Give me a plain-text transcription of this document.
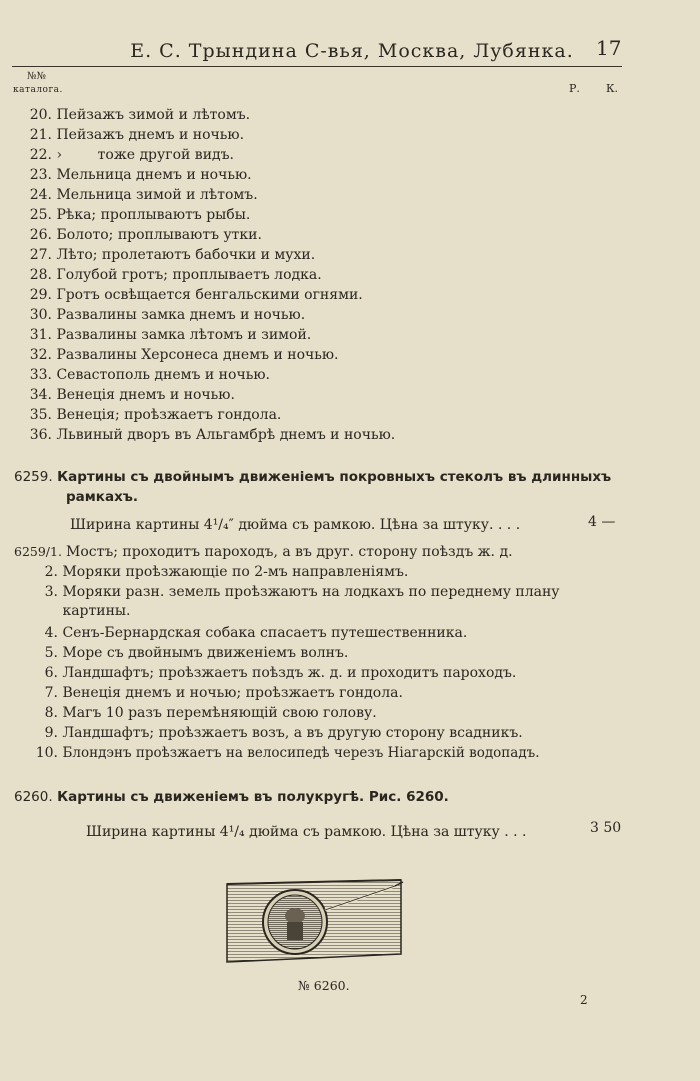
Е. С. Трындина С-вья, Москва, Лубянка.	17
№№
каталога.	Р. К.
20. Пейзажъ зимой и лѣтомъ.
21. Пейзажъ днемъ и ночью.
22. ›        тоже другой видъ.
23. Мельница днемъ и ночью.
24. Мельница зимой и лѣтомъ.
25. Рѣка; проплываютъ рыбы.
26. Болото; проплываютъ утки.
27. Лѣто; пролетаютъ бабочки и мухи.
28. Голубой гротъ; проплываетъ лодка.
29. Гротъ освѣщается бенгальскими огнями.
30. Развалины замка днемъ и ночью.
31. Развалины замка лѣтомъ и зимой.
32. Развалины Херсонеса днемъ и ночью.
33. Севастополь днемъ и ночью.
34. Венеція днемъ и ночью.
35. Венеція; проѣзжаетъ гондола.
36. Львиный дворъ въ Альгамбрѣ днемъ и ночью.
6259. Картины съ двойнымъ движеніемъ покровныхъ стеколъ въ длинныхъ
рамкахъ.
Ширина картины 4¹/₄″ дюйма съ рамкою. Цѣна за штуку. . . .	4 —
6259/1. Мостъ; проходитъ пароходъ, а въ друг. сторону поѣздъ ж. д.
2. Моряки проѣзжающіе по 2-мъ направленіямъ.
3. Моряки разн. земель проѣзжаютъ на лодкахъ по переднему плану
картины.
4. Сенъ-Бернардская собака спасаетъ путешественника.
5. Море съ двойнымъ движеніемъ волнъ.
6. Ландшафтъ; проѣзжаетъ поѣздъ ж. д. и проходитъ пароходъ.
7. Венеція днемъ и ночью; проѣзжаетъ гондола.
8. Магъ 10 разъ перемѣняющій свою голову.
9. Ландшафтъ; проѣзжаетъ возъ, а въ другую сторону всадникъ.
10. Блондэнъ проѣзжаетъ на велосипедѣ черезъ Ніагарскій водопадъ.
6260. Картины съ движеніемъ въ полукругѣ. Рис. 6260.
Ширина картины 4¹/₄ дюйма съ рамкою. Цѣна за штуку . . .	3 50
№ 6260.
2
